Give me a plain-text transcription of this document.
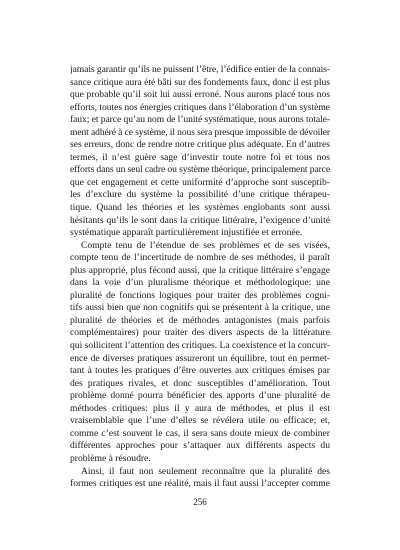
jamais garantir qu’ils ne puissent l’être, l’édifice entier de la connais-
sance critique aura été bâti sur des fondements faux, donc il est plus
que probable qu’il soit lui aussi erroné. Nous aurons placé tous nos
efforts, toutes nos énergies critiques dans l’élaboration d’un système
faux; et parce qu’au nom de l’unité systématique, nous aurons totale-
ment adhéré à ce système, il nous sera presque impossible de dévoiler
ses erreurs, donc de rendre notre critique plus adéquate. En d’autres
termes, il n’est guère sage d’investir toute notre foi et tous nos
efforts dans un seul cadre ou système théorique, principalement parce
que cet engagement et cette uniformité d’approche sont susceptib-
les d’exclure du système la possibilité d’une critique thérapeu-
tique. Quand les théories et les systèmes englobants sont aussi
hésitants qu’ils le sont dans la critique littéraire, l’exigence d’unité
systématique apparaît particulièrement injustifiée et erronée.
Compte tenu de l’étendue de ses problèmes et de ses visées,
compte tenu de l’incertitude de nombre de ses méthodes, il paraît
plus approprié, plus fécond aussi, que la critique littéraire s’engage
dans la voie d’un pluralisme théorique et méthodologique: une
pluralité de fonctions logiques pour traiter des problèmes cogni-
tifs aussi bien que non cognitifs qui se présentent à la critique, une
pluralité de théories et de méthodes antagonistes (mais parfois
complémentaires) pour traiter des divers aspects de la littérature
qui sollicitent l’attention des critiques. La coexistence et la concurr-
ence de diverses pratiques assureront un équilibre, tout en permet-
tant à toutes les pratiques d’être ouvertes aux critiques émises par
des pratiques rivales, et donc susceptibles d’amélioration. Tout
problème donné pourra bénéficier des apports d’une pluralité de
méthodes critiques: plus il y aura de méthodes, et plus il est
vraisemblable que l’une d’elles se révélera utile ou efficace; et,
comme c’est souvent le cas, il sera sans doute mieux de combiner
différentes approches pour s’attaquer aux différents aspects du
problème à résoudre.
Ainsi, il faut non seulement reconnaître que la pluralité des
formes critiques est une réalité, mais il faut aussi l’accepter comme
256
